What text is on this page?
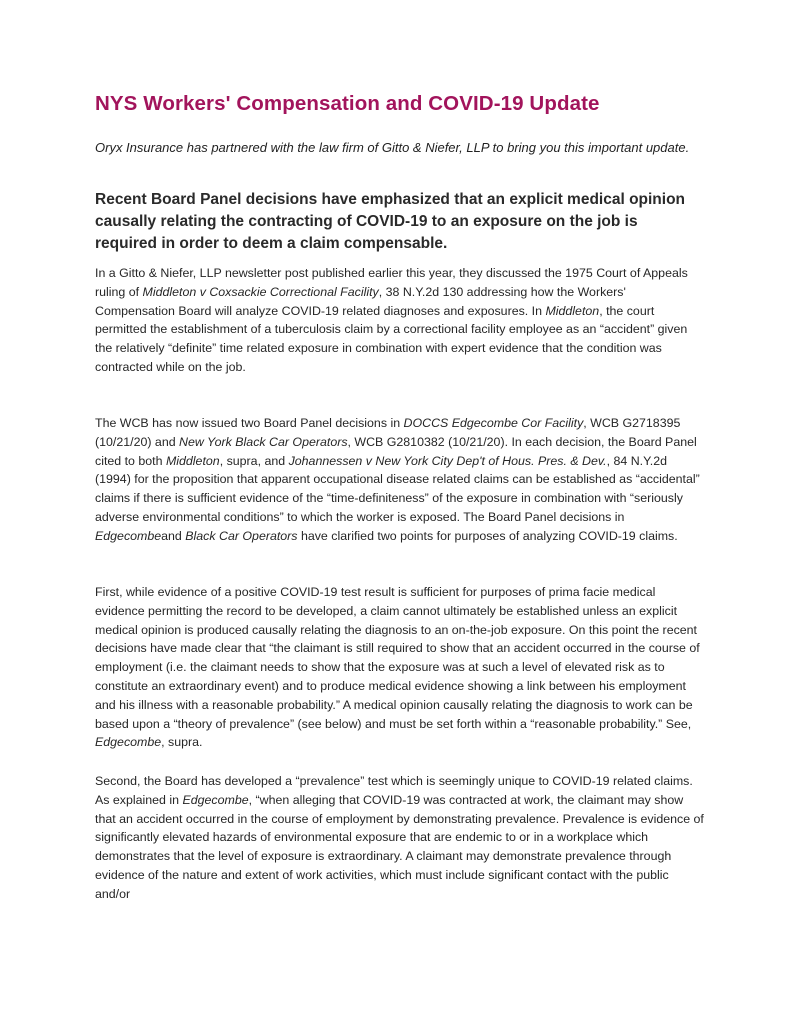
NYS Workers' Compensation and COVID-19 Update

Oryx Insurance has partnered with the law firm of Gitto & Niefer, LLP to bring you this important update.

Recent Board Panel decisions have emphasized that an explicit medical opinion causally relating the contracting of COVID-19 to an exposure on the job is required in order to deem a claim compensable.

In a Gitto & Niefer, LLP newsletter post published earlier this year, they discussed the 1975 Court of Appeals ruling of Middleton v Coxsackie Correctional Facility, 38 N.Y.2d 130 addressing how the Workers' Compensation Board will analyze COVID-19 related diagnoses and exposures. In Middleton, the court permitted the establishment of a tuberculosis claim by a correctional facility employee as an “accident” given the relatively “definite” time related exposure in combination with expert evidence that the condition was contracted while on the job.

The WCB has now issued two Board Panel decisions in DOCCS Edgecombe Cor Facility, WCB G2718395 (10/21/20) and New York Black Car Operators, WCB G2810382 (10/21/20). In each decision, the Board Panel cited to both Middleton, supra, and Johannessen v New York City Dep't of Hous. Pres. & Dev., 84 N.Y.2d (1994) for the proposition that apparent occupational disease related claims can be established as “accidental” claims if there is sufficient evidence of the “time-definiteness” of the exposure in combination with “seriously adverse environmental conditions” to which the worker is exposed. The Board Panel decisions in Edgecombeand Black Car Operators have clarified two points for purposes of analyzing COVID-19 claims.

First, while evidence of a positive COVID-19 test result is sufficient for purposes of prima facie medical evidence permitting the record to be developed, a claim cannot ultimately be established unless an explicit medical opinion is produced causally relating the diagnosis to an on-the-job exposure. On this point the recent decisions have made clear that “the claimant is still required to show that an accident occurred in the course of employment (i.e. the claimant needs to show that the exposure was at such a level of elevated risk as to constitute an extraordinary event) and to produce medical evidence showing a link between his employment and his illness with a reasonable probability.” A medical opinion causally relating the diagnosis to work can be based upon a “theory of prevalence” (see below) and must be set forth within a “reasonable probability.” See, Edgecombe, supra.

Second, the Board has developed a “prevalence” test which is seemingly unique to COVID-19 related claims. As explained in Edgecombe, “when alleging that COVID-19 was contracted at work, the claimant may show that an accident occurred in the course of employment by demonstrating prevalence. Prevalence is evidence of significantly elevated hazards of environmental exposure that are endemic to or in a workplace which demonstrates that the level of exposure is extraordinary. A claimant may demonstrate prevalence through evidence of the nature and extent of work activities, which must include significant contact with the public and/or
